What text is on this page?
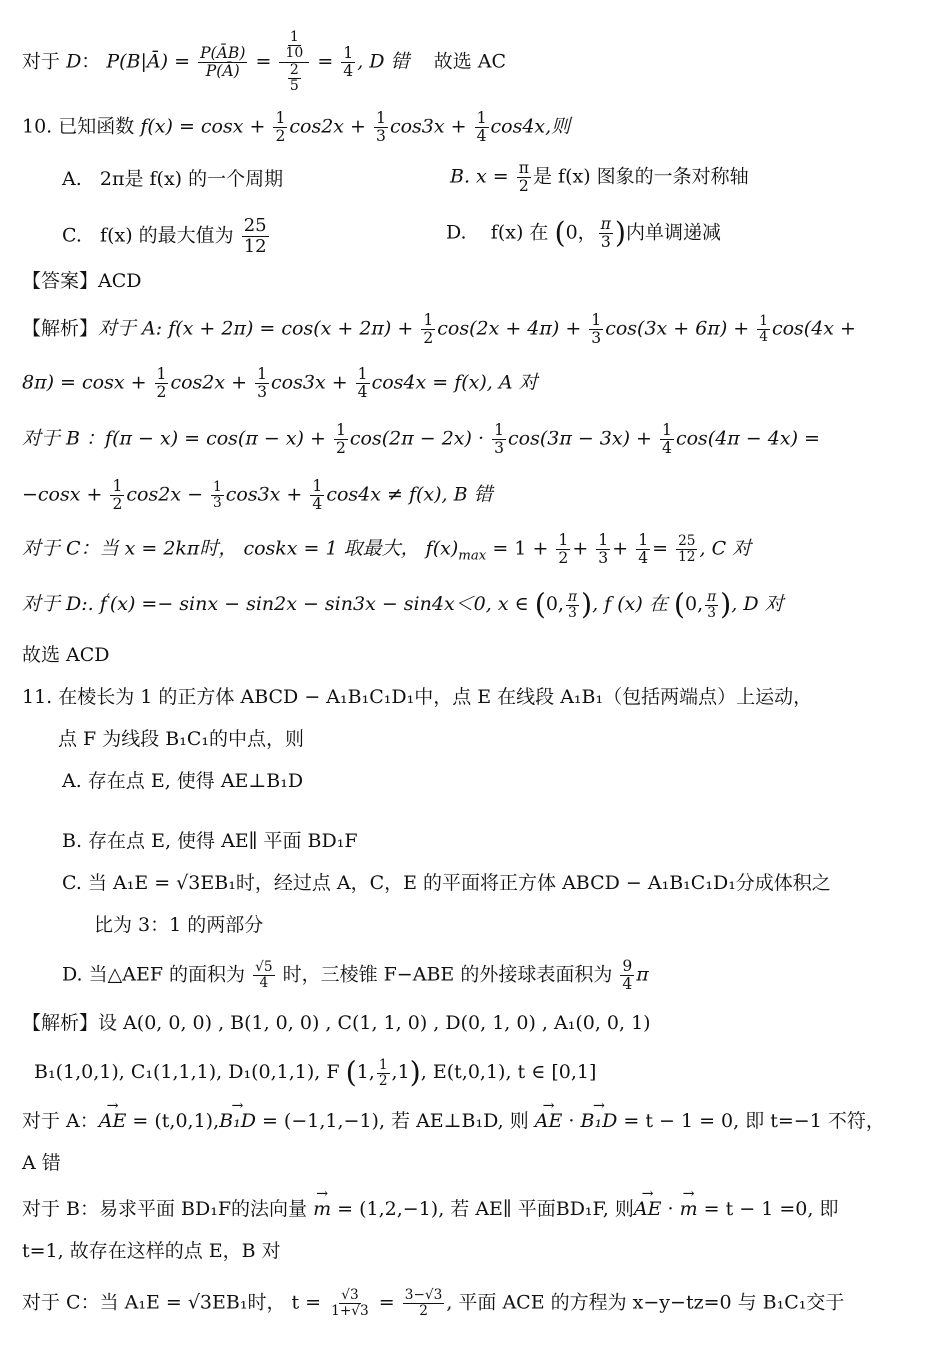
对于 D： P(B|Ā) = $\frac{P(ĀB)}{P(Ā)} = \frac{\frac{1}{10}}{\frac{2}{5}} = \frac{1}{4}$ , D 错 故选 AC
10. 已知函数 $f(x) = \cos x + \frac{1}{2} \cos 2x + \frac{1}{3} \cos 3x + \frac{1}{4} \cos 4x$,则
A. 2π是 f(x) 的一个周期	B. $x = \frac{\pi}{2}$ 是 f(x) 图象的一条对称轴
C. f(x) 的最大值为 $\frac{25}{12}$	D. f(x) 在 (0， $\frac{\pi}{3}$ )内单调递减
【答案】ACD
【解析】对于 A: $f(x + 2\pi) = \cos(x + 2\pi) + \frac{1}{2} \cos(2x + 4\pi) + \frac{1}{3} \cos(3x + 6\pi) + \frac{1}{4} \cos(4x$ +
$8\pi) = \cos x + \frac{1}{2} \cos 2x + \frac{1}{3} \cos 3x + \frac{1}{4} \cos 4x = f(x)$, A 对
对于 B ：$f(\pi - x) = \cos(\pi - x) + \frac{1}{2} \cos(2\pi - 2x) \cdot \frac{1}{3} \cos(3\pi - 3x) + \frac{1}{4} \cos(4\pi - 4x)$ =
$-\cos x + \frac{1}{2} \cos 2x - \frac{1}{3} \cos 3x + \frac{1}{4} \cos 4x \ne f(x)$, B 错
对于 C：当 x = 2kπ时， coskx = 1 取最大， $f(x)_{max} = 1 + \frac{1}{2} + \frac{1}{3} + \frac{1}{4} = \frac{25}{12}$ , C 对
对于 D:. f′(x) =− sinx − sin2x − sin3x − sin4x＜0, x ∈ (0, $\frac{\pi}{3}$ ), f (x) 在 (0, $\frac{\pi}{3}$ ), D 对
故选 ACD
11. 在棱长为 1 的正方体 ABCD − A₁B₁C₁D₁中，点 E 在线段 A₁B₁（包括两端点）上运动，
点 F 为线段 B₁C₁的中点，则
A. 存在点 E, 使得 AE⊥B₁D
B. 存在点 E, 使得 AE∥ 平面 BD₁F
C. 当 A₁E = √3EB₁时，经过点 A，C，E 的平面将正方体 ABCD − A₁B₁C₁D₁分成体积之
比为 3：1 的两部分
D. 当△AEF 的面积为 $\frac{√5}{4}$ 时，三棱锥 F−ABE 的外接球表面积为 $\frac{9}{4}$ π
【解析】设 A(0, 0, 0) , B(1, 0, 0) , C(1, 1, 0) , D(0, 1, 0) , A₁(0, 0, 1)
B₁(1,0,1), C₁(1,1,1), D₁(0,1,1), F (1, $\frac{1}{2} ,1$), E(t,0,1), t ∈ [0,1]
对于 A：→ AE = (t,0,1),→ B₁D = (−1,1,−1), 若 AE⊥B₁D, 则 → AE · → B₁D = t − 1 = 0, 即 t=−1 不符，
A 错
对于 B：易求平面 BD₁F的法向量 → m = (1,2,−1), 若 AE∥ 平面BD₁F, 则→ AE · → m = t − 1 =0, 即
t=1, 故存在这样的点 E，B 对
对于 C：当 A₁E = √3EB₁时， $t = \frac{√3}{1+√3} = \frac{3-√3}{2}$ , 平面 ACE 的方程为 x−y−tz=0 与 B₁C₁交于
